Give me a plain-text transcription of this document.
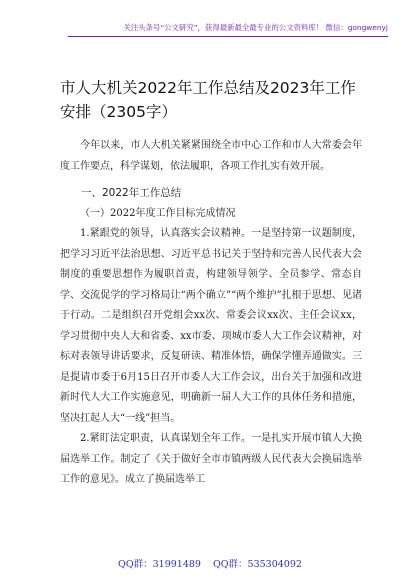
关注头条号“公文研究”，获得最新最全最专业的公文资料库！ 微信：gongwenyj
市人大机关2022年工作总结及2023年工作安排（2305字）

今年以来，市人大机关紧紧围绕全市中心工作和市人大常委会年度工作要点，科学谋划，依法履职，各项工作扎实有效开展。

一、2022年工作总结

（一）2022年度工作目标完成情况

1.紧跟党的领导，认真落实会议精神。一是坚持第一议题制度，把学习习近平法治思想、习近平总书记关于坚持和完善人民代表大会制度的重要思想作为履职首责，构建领导领学、全员参学、常态自学、交流促学的学习格局让“两个确立”“两个维护”扎根于思想、见诸于行动。二是组织召开党组会xx次、常委会议xx次、主任会议xx，学习贯彻中央人大和省委、xx市委、项城市委人大工作会议精神，对标对表领导讲话要求，反复研读、精准体悟，确保学懂弄通做实。三是提请市委于6月15日召开市委人大工作会议，出台关于加强和改进新时代人大工作实施意见，明确新一届人大工作的具体任务和措施，坚决扛起人大“一线”担当。

2.紧盯法定职责，认真谋划全年工作。一是扎实开展市镇人大换届选举工作。制定了《关于做好全市市镇两级人民代表大会换届选举工作的意见》。成立了换届选举工

QQ群：31991489 QQ群：535304092
